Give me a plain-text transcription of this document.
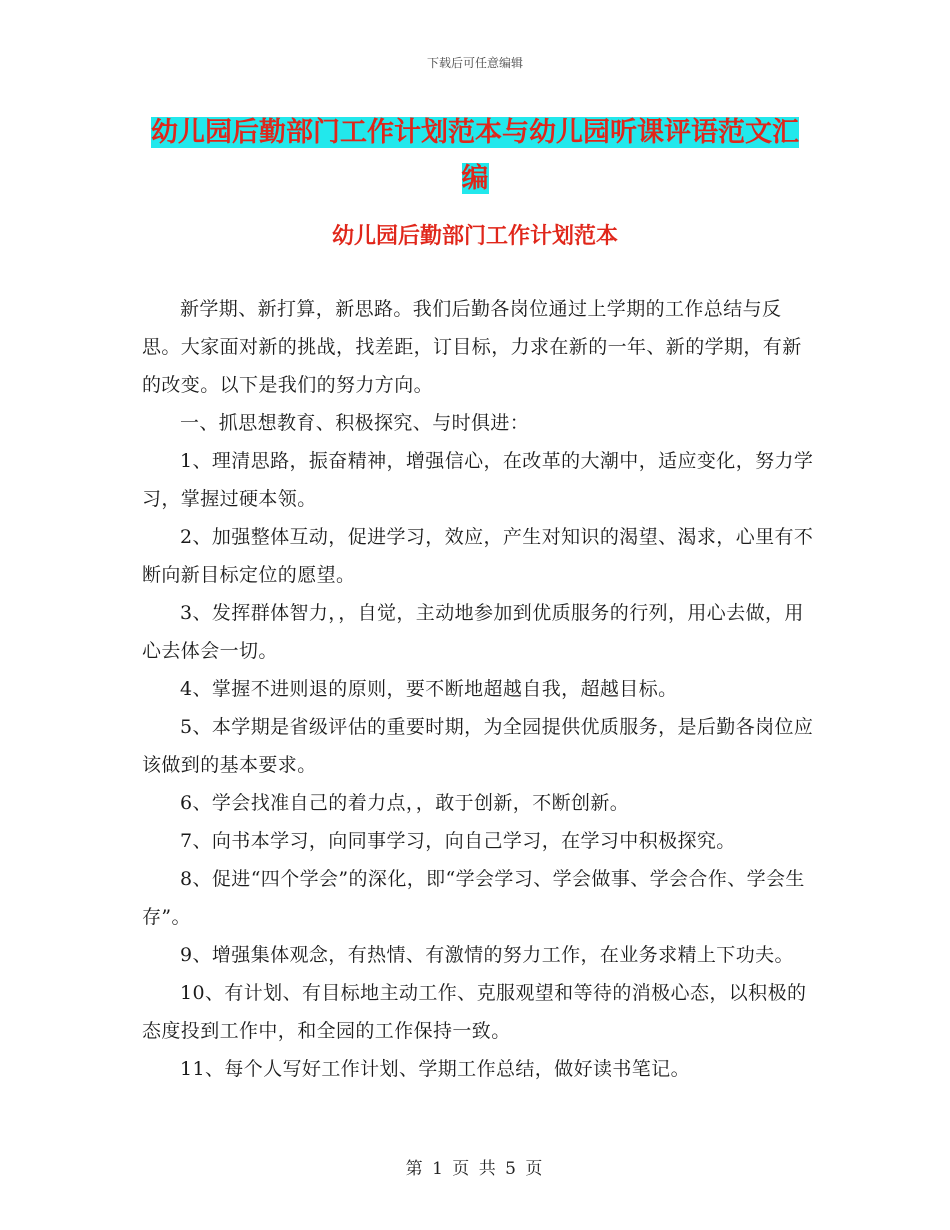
下载后可任意编辑
幼儿园后勤部门工作计划范本与幼儿园听课评语范文汇编
幼儿园后勤部门工作计划范本

新学期、新打算，新思路。我们后勤各岗位通过上学期的工作总结与反思。大家面对新的挑战，找差距，订目标，力求在新的一年、新的学期，有新的改变。以下是我们的努力方向。

一、抓思想教育、积极探究、与时俱进：

1、理清思路，振奋精神，增强信心，在改革的大潮中，适应变化，努力学习，掌握过硬本领。

2、加强整体互动，促进学习，效应，产生对知识的渴望、渴求，心里有不断向新目标定位的愿望。

3、发挥群体智力，，自觉，主动地参加到优质服务的行列，用心去做，用心去体会一切。

4、掌握不进则退的原则，要不断地超越自我，超越目标。

5、本学期是省级评估的重要时期，为全园提供优质服务，是后勤各岗位应该做到的基本要求。

6、学会找准自己的着力点，，敢于创新，不断创新。

7、向书本学习，向同事学习，向自己学习，在学习中积极探究。

8、促进“四个学会”的深化，即“学会学习、学会做事、学会合作、学会生存”。

9、增强集体观念，有热情、有激情的努力工作，在业务求精上下功夫。

10、有计划、有目标地主动工作、克服观望和等待的消极心态，以积极的态度投到工作中，和全园的工作保持一致。

11、每个人写好工作计划、学期工作总结，做好读书笔记。

第 1 页 共 5 页
